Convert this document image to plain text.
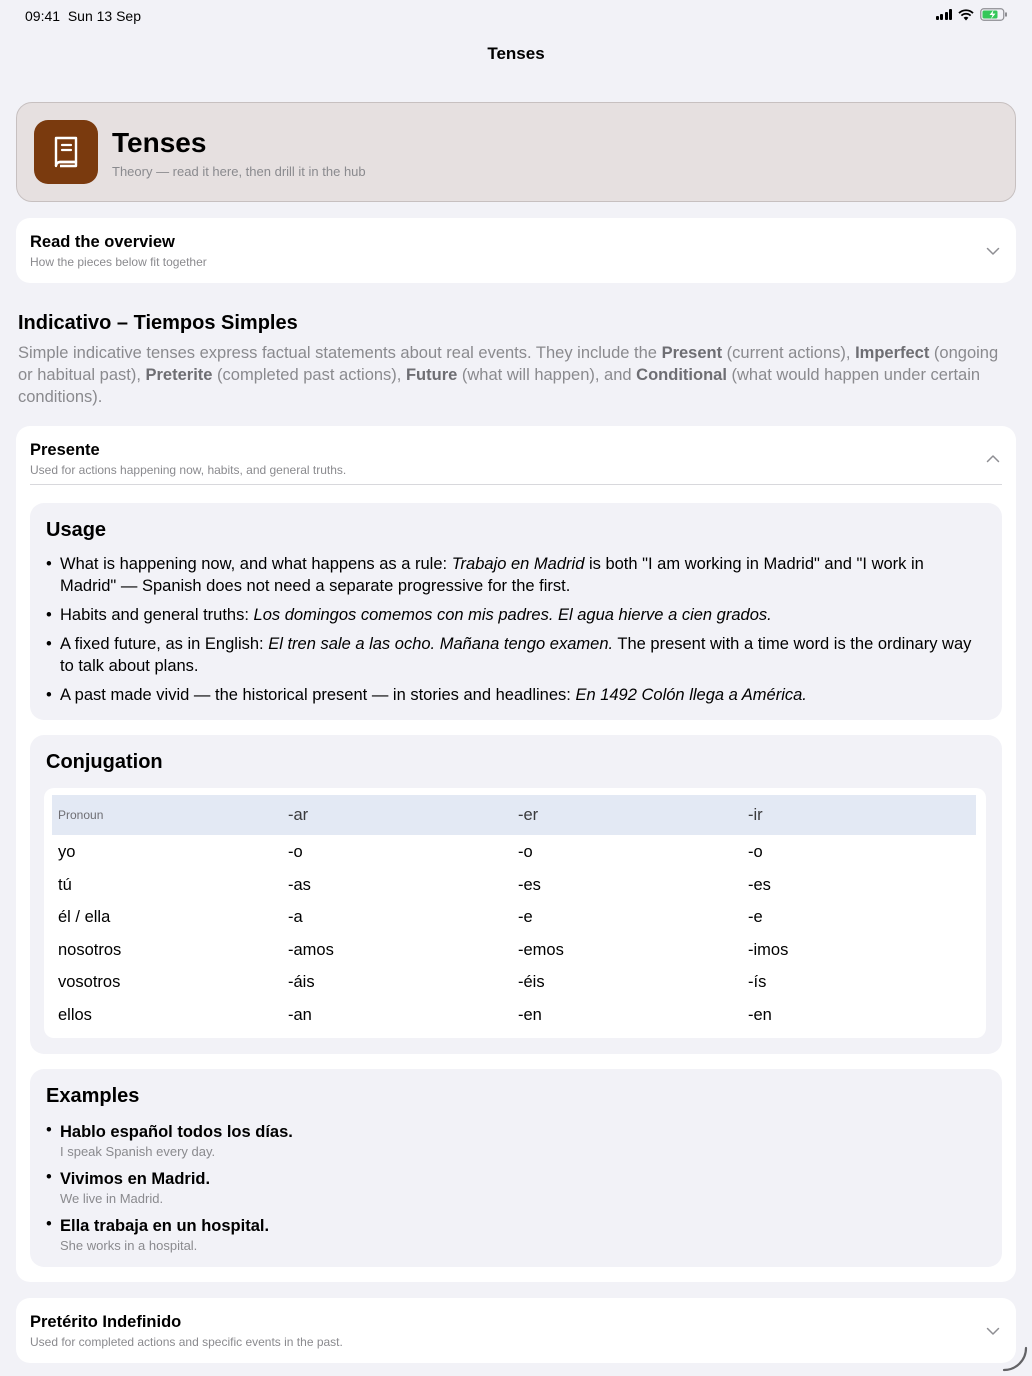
09:41 Sun 13 Sep
Tenses
Tenses
Theory — read it here, then drill it in the hub
Read the overview
How the pieces below fit together
Indicativo – Tiempos Simples
Simple indicative tenses express factual statements about real events. They include the Present (current actions), Imperfect (ongoing or habitual past), Preterite (completed past actions), Future (what will happen), and Conditional (what would happen under certain conditions).
Presente
Used for actions happening now, habits, and general truths.
Usage
• What is happening now, and what happens as a rule: Trabajo en Madrid is both "I am working in Madrid" and "I work in Madrid" — Spanish does not need a separate progressive for the first.
• Habits and general truths: Los domingos comemos con mis padres. El agua hierve a cien grados.
• A fixed future, as in English: El tren sale a las ocho. Mañana tengo examen. The present with a time word is the ordinary way to talk about plans.
• A past made vivid — the historical present — in stories and headlines: En 1492 Colón llega a América.
Conjugation
Pronoun	-ar	-er	-ir
yo	-o	-o	-o
tú	-as	-es	-es
él / ella	-a	-e	-e
nosotros	-amos	-emos	-imos
vosotros	-áis	-éis	-ís
ellos	-an	-en	-en
Examples
• Hablo español todos los días.
I speak Spanish every day.
• Vivimos en Madrid.
We live in Madrid.
• Ella trabaja en un hospital.
She works in a hospital.
Pretérito Indefinido
Used for completed actions and specific events in the past.
